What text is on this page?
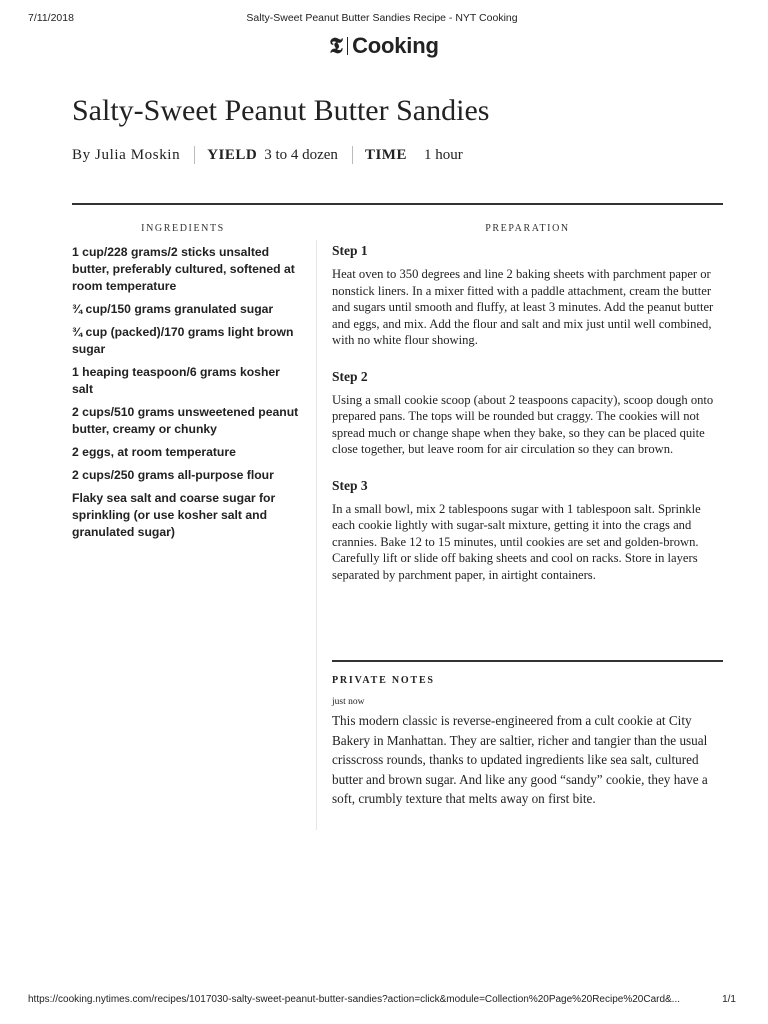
7/11/2018	Salty-Sweet Peanut Butter Sandies Recipe - NYT Cooking
𝕿 Cooking
Salty-Sweet Peanut Butter Sandies
By Julia Moskin YIELD 3 to 4 dozen TIME 1 hour
INGREDIENTS	PREPARATION
1 cup/228 grams/2 sticks unsalted butter, preferably cultured, softened at room temperature
¾ cup/150 grams granulated sugar
¾ cup (packed)/170 grams light brown sugar
1 heaping teaspoon/6 grams kosher salt
2 cups/510 grams unsweetened peanut butter, creamy or chunky
2 eggs, at room temperature
2 cups/250 grams all-purpose flour
Flaky sea salt and coarse sugar for sprinkling (or use kosher salt and granulated sugar)
Step 1

Heat oven to 350 degrees and line 2 baking sheets with parchment paper or nonstick liners. In a mixer fitted with a paddle attachment, cream the butter and sugars until smooth and fluffy, at least 3 minutes. Add the peanut butter and eggs, and mix. Add the flour and salt and mix just until well combined, with no white flour showing.

Step 2

Using a small cookie scoop (about 2 teaspoons capacity), scoop dough onto prepared pans. The tops will be rounded but craggy. The cookies will not spread much or change shape when they bake, so they can be placed quite close together, but leave room for air circulation so they can brown.

Step 3

In a small bowl, mix 2 tablespoons sugar with 1 tablespoon salt. Sprinkle each cookie lightly with sugar-salt mixture, getting it into the crags and crannies. Bake 12 to 15 minutes, until cookies are set and golden-brown. Carefully lift or slide off baking sheets and cool on racks. Store in layers separated by parchment paper, in airtight containers.

PRIVATE NOTES
just now

This modern classic is reverse-engineered from a cult cookie at City Bakery in Manhattan. They are saltier, richer and tangier than the usual crisscross rounds, thanks to updated ingredients like sea salt, cultured butter and brown sugar. And like any good “sandy” cookie, they have a soft, crumbly texture that melts away on first bite.

https://cooking.nytimes.com/recipes/1017030-salty-sweet-peanut-butter-sandies?action=click&module=Collection%20Page%20Recipe%20Card&...	1/1
